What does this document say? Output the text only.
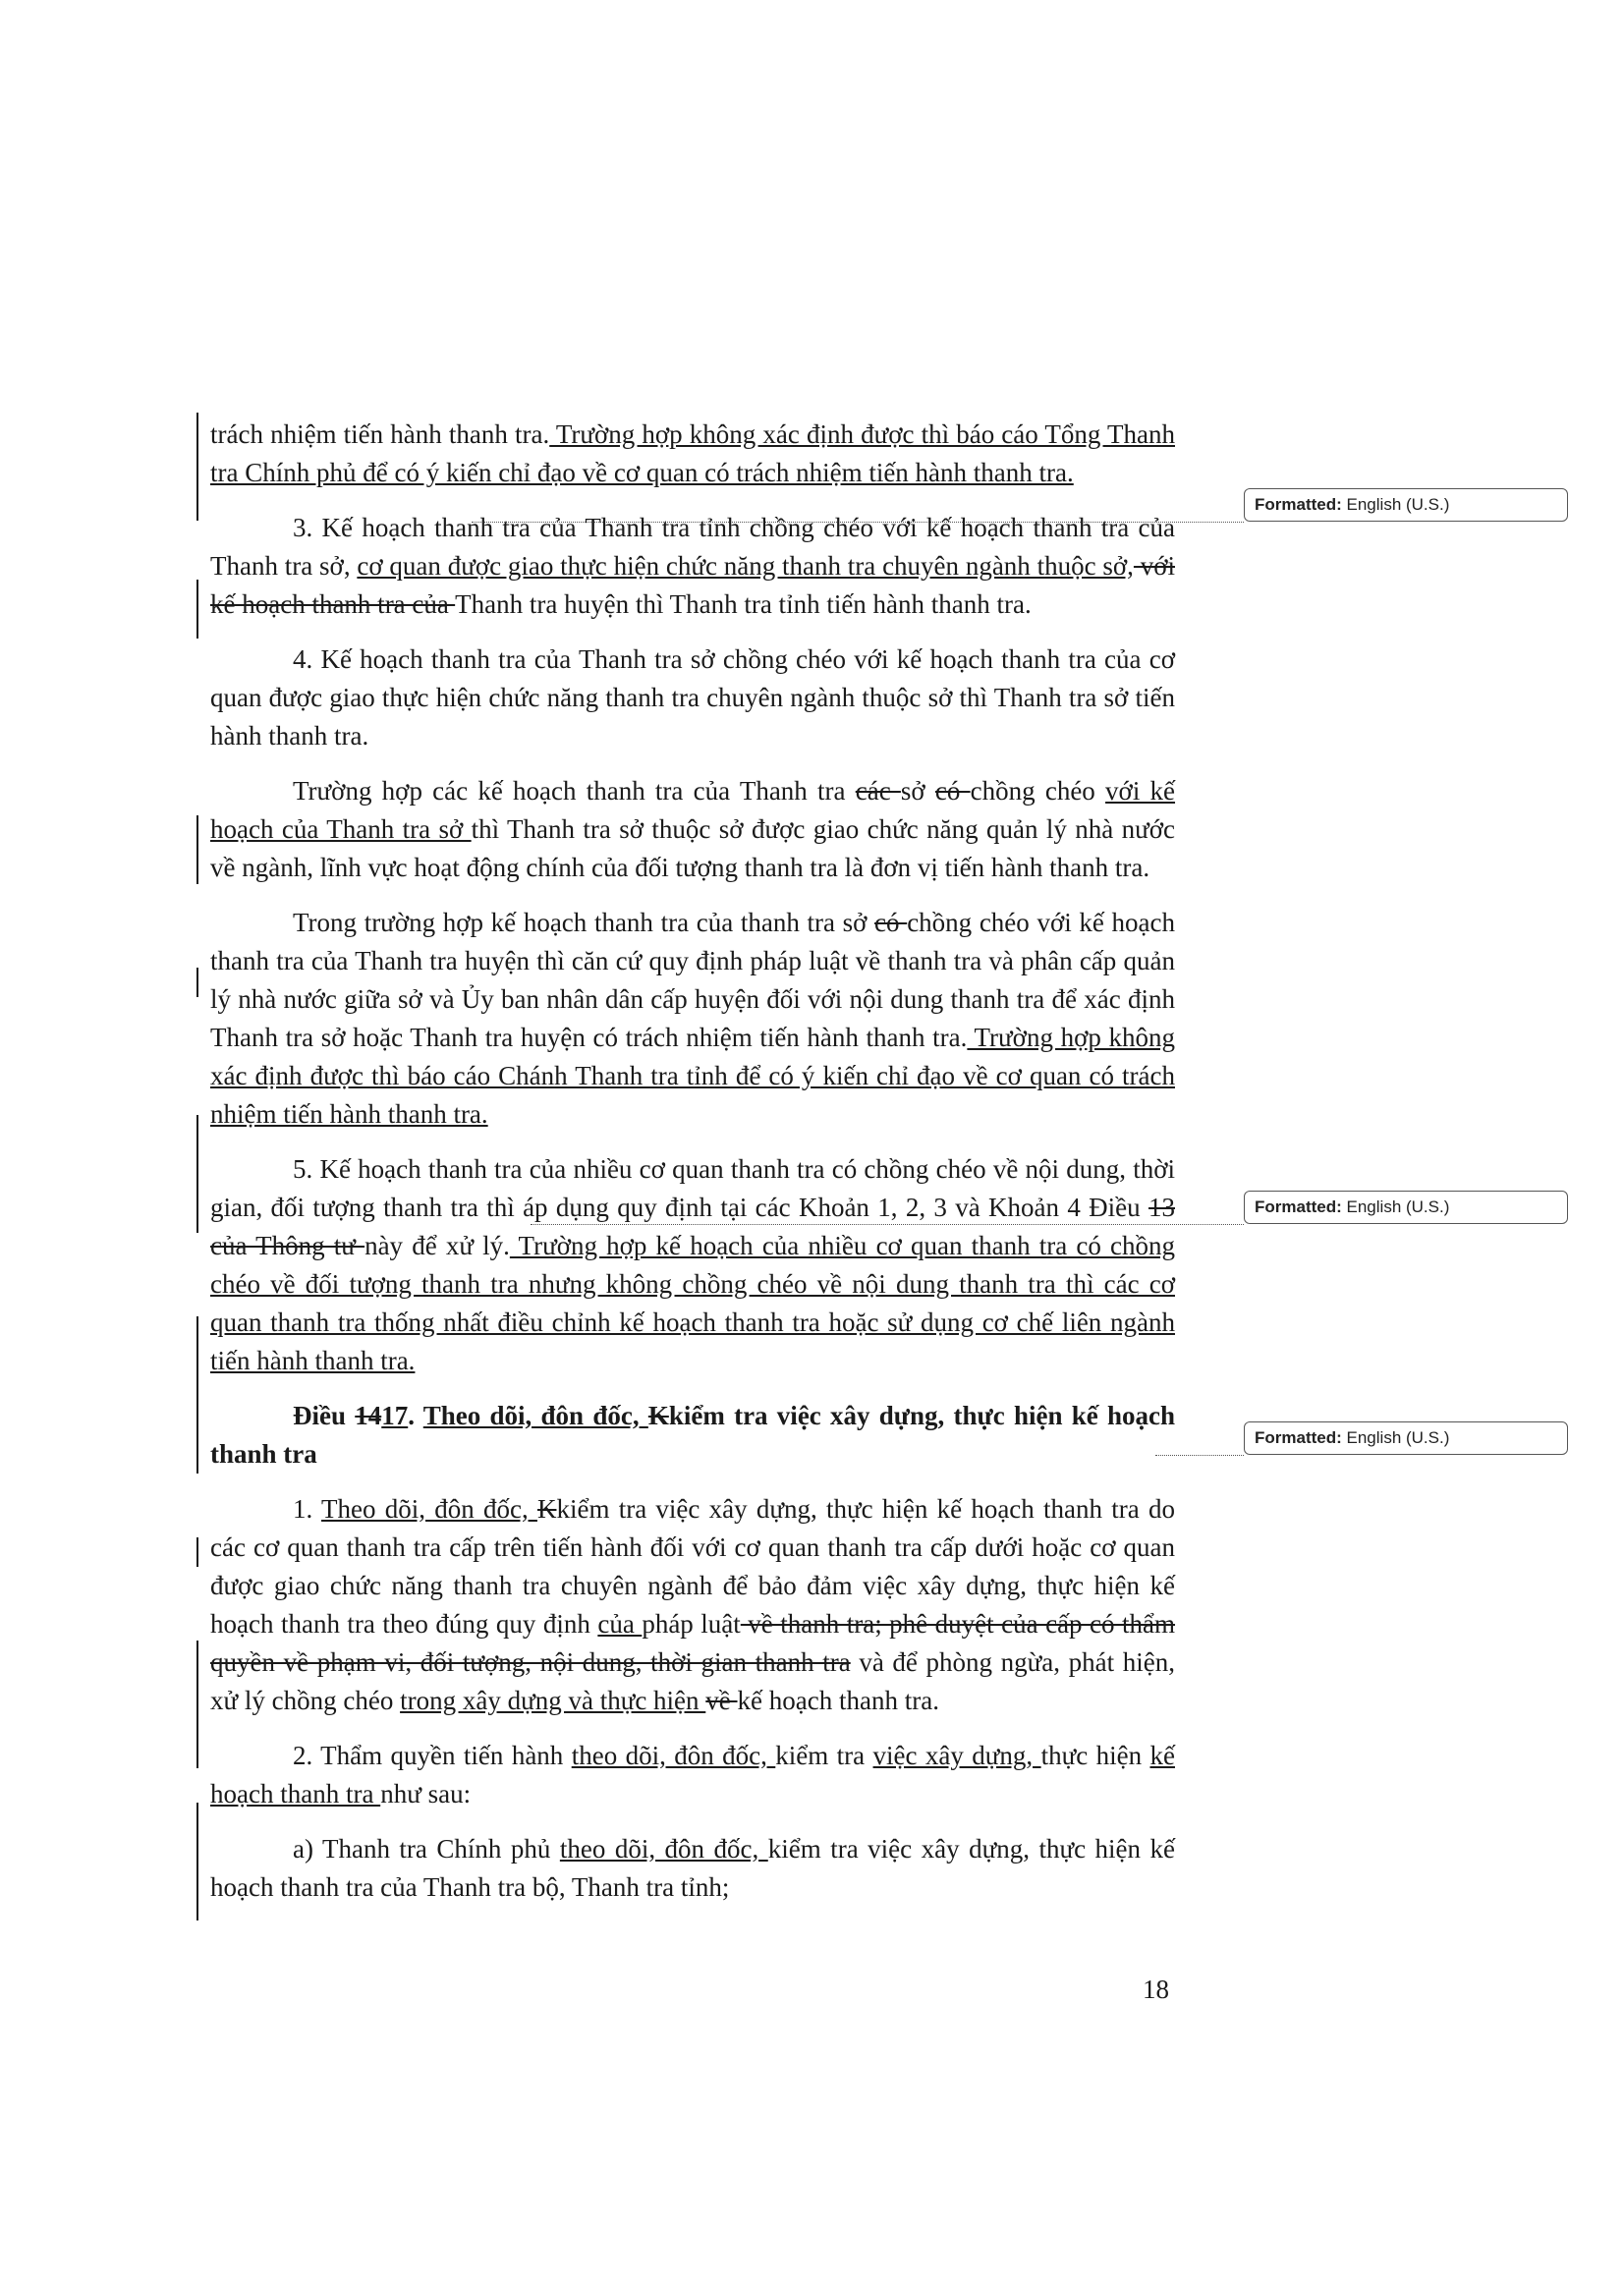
Formatted: English (U.S.)
Formatted: English (U.S.)
Formatted: English (U.S.)

trách nhiệm tiến hành thanh tra. Trường hợp không xác định được thì báo cáo Tổng Thanh tra Chính phủ để có ý kiến chỉ đạo về cơ quan có trách nhiệm tiến hành thanh tra.

3. Kế hoạch thanh tra của Thanh tra tỉnh chồng chéo với kế hoạch thanh tra của Thanh tra sở, cơ quan được giao thực hiện chức năng thanh tra chuyên ngành thuộc sở, với kế hoạch thanh tra của Thanh tra huyện thì Thanh tra tỉnh tiến hành thanh tra.

4. Kế hoạch thanh tra của Thanh tra sở chồng chéo với kế hoạch thanh tra của cơ quan được giao thực hiện chức năng thanh tra chuyên ngành thuộc sở thì Thanh tra sở tiến hành thanh tra.

Trường hợp các kế hoạch thanh tra của Thanh tra các sở có chồng chéo với kế hoạch của Thanh tra sở thì Thanh tra sở thuộc sở được giao chức năng quản lý nhà nước về ngành, lĩnh vực hoạt động chính của đối tượng thanh tra là đơn vị tiến hành thanh tra.

Trong trường hợp kế hoạch thanh tra của thanh tra sở có chồng chéo với kế hoạch thanh tra của Thanh tra huyện thì căn cứ quy định pháp luật về thanh tra và phân cấp quản lý nhà nước giữa sở và Ủy ban nhân dân cấp huyện đối với nội dung thanh tra để xác định Thanh tra sở hoặc Thanh tra huyện có trách nhiệm tiến hành thanh tra. Trường hợp không xác định được thì báo cáo Chánh Thanh tra tỉnh để có ý kiến chỉ đạo về cơ quan có trách nhiệm tiến hành thanh tra.

5. Kế hoạch thanh tra của nhiều cơ quan thanh tra có chồng chéo về nội dung, thời gian, đối tượng thanh tra thì áp dụng quy định tại các Khoản 1, 2, 3 và Khoản 4 Điều 13 của Thông tư này để xử lý. Trường hợp kế hoạch của nhiều cơ quan thanh tra có chồng chéo về đối tượng thanh tra nhưng không chồng chéo về nội dung thanh tra thì các cơ quan thanh tra thống nhất điều chỉnh kế hoạch thanh tra hoặc sử dụng cơ chế liên ngành tiến hành thanh tra.

Điều 1417. Theo dõi, đôn đốc, Kkiểm tra việc xây dựng, thực hiện kế hoạch thanh tra

1. Theo dõi, đôn đốc, Kkiểm tra việc xây dựng, thực hiện kế hoạch thanh tra do các cơ quan thanh tra cấp trên tiến hành đối với cơ quan thanh tra cấp dưới hoặc cơ quan được giao chức năng thanh tra chuyên ngành để bảo đảm việc xây dựng, thực hiện kế hoạch thanh tra theo đúng quy định của pháp luật về thanh tra; phê duyệt của cấp có thẩm quyền về phạm vi, đối tượng, nội dung, thời gian thanh tra và để phòng ngừa, phát hiện, xử lý chồng chéo trong xây dựng và thực hiện về kế hoạch thanh tra.

2. Thẩm quyền tiến hành theo dõi, đôn đốc, kiểm tra việc xây dựng, thực hiện kế hoạch thanh tra như sau:

a) Thanh tra Chính phủ theo dõi, đôn đốc, kiểm tra việc xây dựng, thực hiện kế hoạch thanh tra của Thanh tra bộ, Thanh tra tỉnh;

18
